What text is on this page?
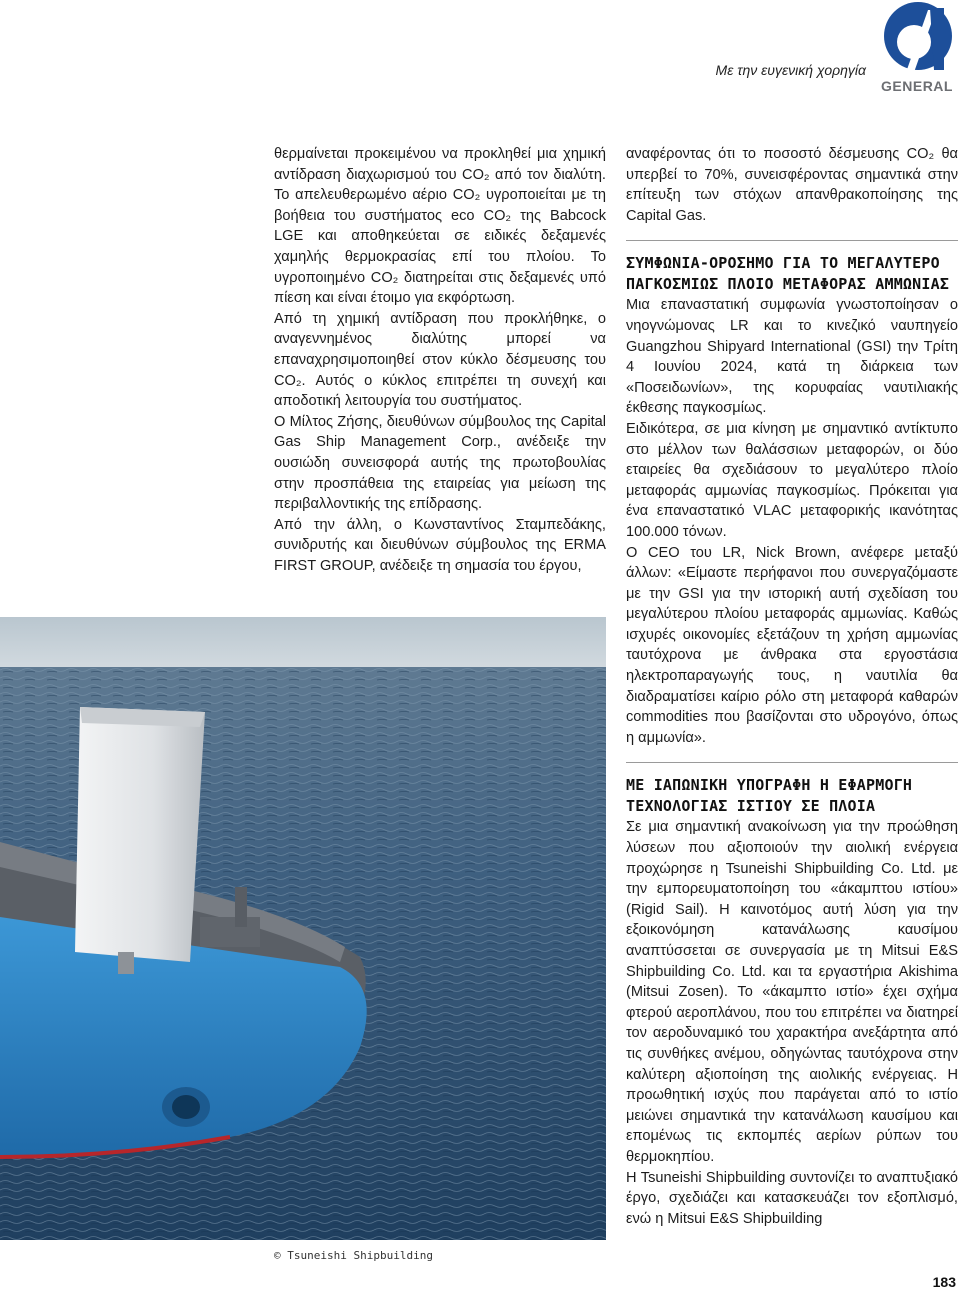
Με την ευγενική χορηγία
GENERAL

θερμαίνεται προκειμένου να προκληθεί μια χημική αντίδραση διαχωρισμού του CO₂ από τον διαλύτη. Το απελευθερωμένο αέριο CO₂ υγροποιείται με τη βοήθεια του συστήματος eco CO₂ της Babcock LGE και αποθηκεύεται σε ειδικές δεξαμενές χαμηλής θερμοκρασίας επί του πλοίου. Το υγροποιημένο CO₂ διατηρείται στις δεξαμενές υπό πίεση και είναι έτοιμο για εκφόρτωση.

Από τη χημική αντίδραση που προκλήθηκε, ο αναγεννημένος διαλύτης μπορεί να επαναχρησιμοποιηθεί στον κύκλο δέσμευσης του CO₂. Αυτός ο κύκλος επιτρέπει τη συνεχή και αποδοτική λειτουργία του συστήματος.

Ο Μίλτος Ζήσης, διευθύνων σύμβουλος της Capital Gas Ship Management Corp., ανέδειξε την ουσιώδη συνεισφορά αυτής της πρωτοβουλίας στην προσπάθεια της εταιρείας για μείωση της περιβαλλοντικής της επίδρασης.

Από την άλλη, ο Κωνσταντίνος Σταμπεδάκης, συνιδρυτής και διευθύνων σύμβουλος της ERMA FIRST GROUP, ανέδειξε τη σημασία του έργου,

αναφέροντας ότι το ποσοστό δέσμευσης CO₂ θα υπερβεί το 70%, συνεισφέροντας σημαντικά στην επίτευξη των στόχων απανθρακοποίησης της Capital Gas.

ΣΥΜΦΩΝΙΑ-ΟΡΟΣΗΜΟ ΓΙΑ ΤΟ ΜΕΓΑΛΥΤΕΡΟ ΠΑΓΚΟΣΜΙΩΣ ΠΛΟΙΟ ΜΕΤΑΦΟΡΑΣ ΑΜΜΩΝΙΑΣ

Μια επαναστατική συμφωνία γνωστοποίησαν ο νηογνώμονας LR και το κινεζικό ναυπηγείο Guangzhou Shipyard International (GSI) την Τρίτη 4 Ιουνίου 2024, κατά τη διάρκεια των «Ποσειδωνίων», της κορυφαίας ναυτιλιακής έκθεσης παγκοσμίως.

Ειδικότερα, σε μια κίνηση με σημαντικό αντίκτυπο στο μέλλον των θαλάσσιων μεταφορών, οι δύο εταιρείες θα σχεδιάσουν το μεγαλύτερο πλοίο μεταφοράς αμμωνίας παγκοσμίως. Πρόκειται για ένα επαναστατικό VLAC μεταφορικής ικανότητας 100.000 τόνων.

Ο CEO του LR, Nick Brown, ανέφερε μεταξύ άλλων: «Είμαστε περήφανοι που συνεργαζόμαστε με την GSI για την ιστορική αυτή σχεδίαση του μεγαλύτερου πλοίου μεταφοράς αμμωνίας. Καθώς ισχυρές οικονομίες εξετάζουν τη χρήση αμμωνίας ταυτόχρονα με άνθρακα στα εργοστάσια ηλεκτροπαραγωγής τους, η ναυτιλία θα διαδραματίσει καίριο ρόλο στη μεταφορά καθαρών commodities που βασίζονται στο υδρογόνο, όπως η αμμωνία».

ΜΕ ΙΑΠΩΝΙΚΗ ΥΠΟΓΡΑΦΗ Η ΕΦΑΡΜΟΓΗ ΤΕΧΝΟΛΟΓΙΑΣ ΙΣΤΙΟΥ ΣΕ ΠΛΟΙΑ

Σε μια σημαντική ανακοίνωση για την προώθηση λύσεων που αξιοποιούν την αιολική ενέργεια προχώρησε η Tsuneishi Shipbuilding Co. Ltd. με την εμπορευματοποίηση του «άκαμπτου ιστίου» (Rigid Sail). Η καινοτόμος αυτή λύση για την εξοικονόμηση κατανάλωσης καυσίμου αναπτύσσεται σε συνεργασία με τη Mitsui E&S Shipbuilding Co. Ltd. και τα εργαστήρια Akishima (Mitsui Zosen). Το «άκαμπτο ιστίο» έχει σχήμα φτερού αεροπλάνου, που του επιτρέπει να διατηρεί τον αεροδυναμικό του χαρακτήρα ανεξάρτητα από τις συνθήκες ανέμου, οδηγώντας ταυτόχρονα στην καλύτερη αξιοποίηση της αιολικής ενέργειας. Η προωθητική ισχύς που παράγεται από το ιστίο μειώνει σημαντικά την κατανάλωση καυσίμου και επομένως τις εκπομπές αερίων ρύπων του θερμοκηπίου.

Η Tsuneishi Shipbuilding συντονίζει το αναπτυξιακό έργο, σχεδιάζει και κατασκευάζει τον εξοπλισμό, ενώ η Mitsui E&S Shipbuilding

© Tsuneishi Shipbuilding
183
